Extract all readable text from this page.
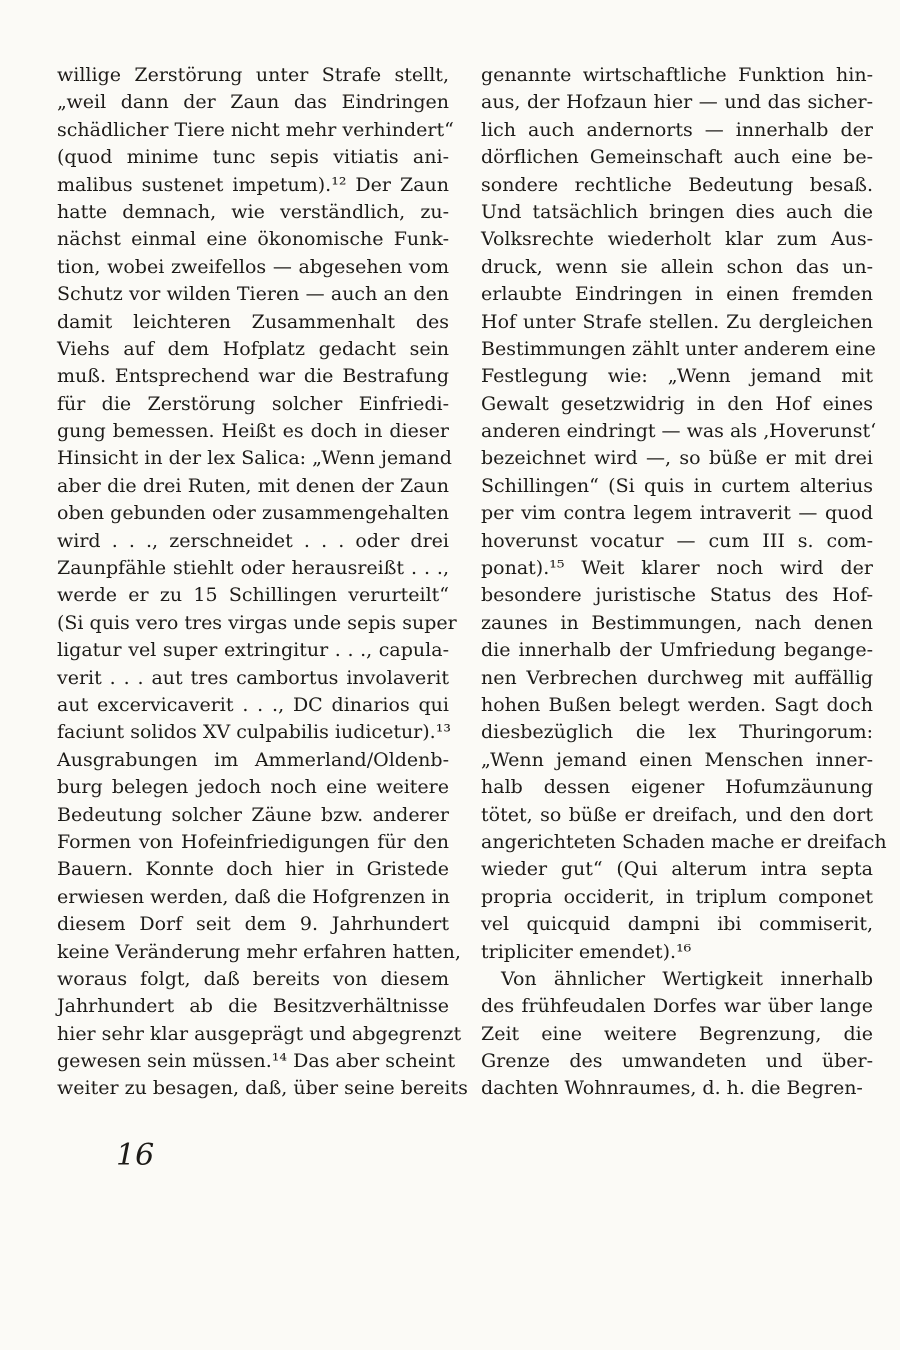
willige Zerstörung unter Strafe stellt,
„weil dann der Zaun das Eindringen
schädlicher Tiere nicht mehr verhindert“
(quod minime tunc sepis vitiatis ani-
malibus sustenet impetum).¹² Der Zaun
hatte demnach, wie verständlich, zu-
nächst einmal eine ökonomische Funk-
tion, wobei zweifellos — abgesehen vom
Schutz vor wilden Tieren — auch an den
damit leichteren Zusammenhalt des
Viehs auf dem Hofplatz gedacht sein
muß. Entsprechend war die Bestrafung
für die Zerstörung solcher Einfriedi-
gung bemessen. Heißt es doch in dieser
Hinsicht in der lex Salica: „Wenn jemand
aber die drei Ruten, mit denen der Zaun
oben gebunden oder zusammengehalten
wird . . ., zerschneidet . . . oder drei
Zaunpfähle stiehlt oder herausreißt . . .,
werde er zu 15 Schillingen verurteilt“
(Si quis vero tres virgas unde sepis super
ligatur vel super extringitur . . ., capula-
verit . . . aut tres cambortus involaverit
aut excervicaverit . . ., DC dinarios qui
faciunt solidos XV culpabilis iudicetur).¹³
Ausgrabungen im Ammerland/Oldenb-
burg belegen jedoch noch eine weitere
Bedeutung solcher Zäune bzw. anderer
Formen von Hofeinfriedigungen für den
Bauern. Konnte doch hier in Gristede
erwiesen werden, daß die Hofgrenzen in
diesem Dorf seit dem 9. Jahrhundert
keine Veränderung mehr erfahren hatten,
woraus folgt, daß bereits von diesem
Jahrhundert ab die Besitzverhältnisse
hier sehr klar ausgeprägt und abgegrenzt
gewesen sein müssen.¹⁴ Das aber scheint
weiter zu besagen, daß, über seine bereits
genannte wirtschaftliche Funktion hin-
aus, der Hofzaun hier — und das sicher-
lich auch andernorts — innerhalb der
dörflichen Gemeinschaft auch eine be-
sondere rechtliche Bedeutung besaß.
Und tatsächlich bringen dies auch die
Volksrechte wiederholt klar zum Aus-
druck, wenn sie allein schon das un-
erlaubte Eindringen in einen fremden
Hof unter Strafe stellen. Zu dergleichen
Bestimmungen zählt unter anderem eine
Festlegung wie: „Wenn jemand mit
Gewalt gesetzwidrig in den Hof eines
anderen eindringt — was als ‚Hoverunst‘
bezeichnet wird —, so büße er mit drei
Schillingen“ (Si quis in curtem alterius
per vim contra legem intraverit — quod
hoverunst vocatur — cum III s. com-
ponat).¹⁵ Weit klarer noch wird der
besondere juristische Status des Hof-
zaunes in Bestimmungen, nach denen
die innerhalb der Umfriedung begange-
nen Verbrechen durchweg mit auffällig
hohen Bußen belegt werden. Sagt doch
diesbezüglich die lex Thuringorum:
„Wenn jemand einen Menschen inner-
halb dessen eigener Hofumzäunung
tötet, so büße er dreifach, und den dort
angerichteten Schaden mache er dreifach
wieder gut“ (Qui alterum intra septa
propria occiderit, in triplum componet
vel quicquid dampni ibi commiserit,
tripliciter emendet).¹⁶
Von ähnlicher Wertigkeit innerhalb
des frühfeudalen Dorfes war über lange
Zeit eine weitere Begrenzung, die
Grenze des umwandeten und über-
dachten Wohnraumes, d. h. die Begren-
16
